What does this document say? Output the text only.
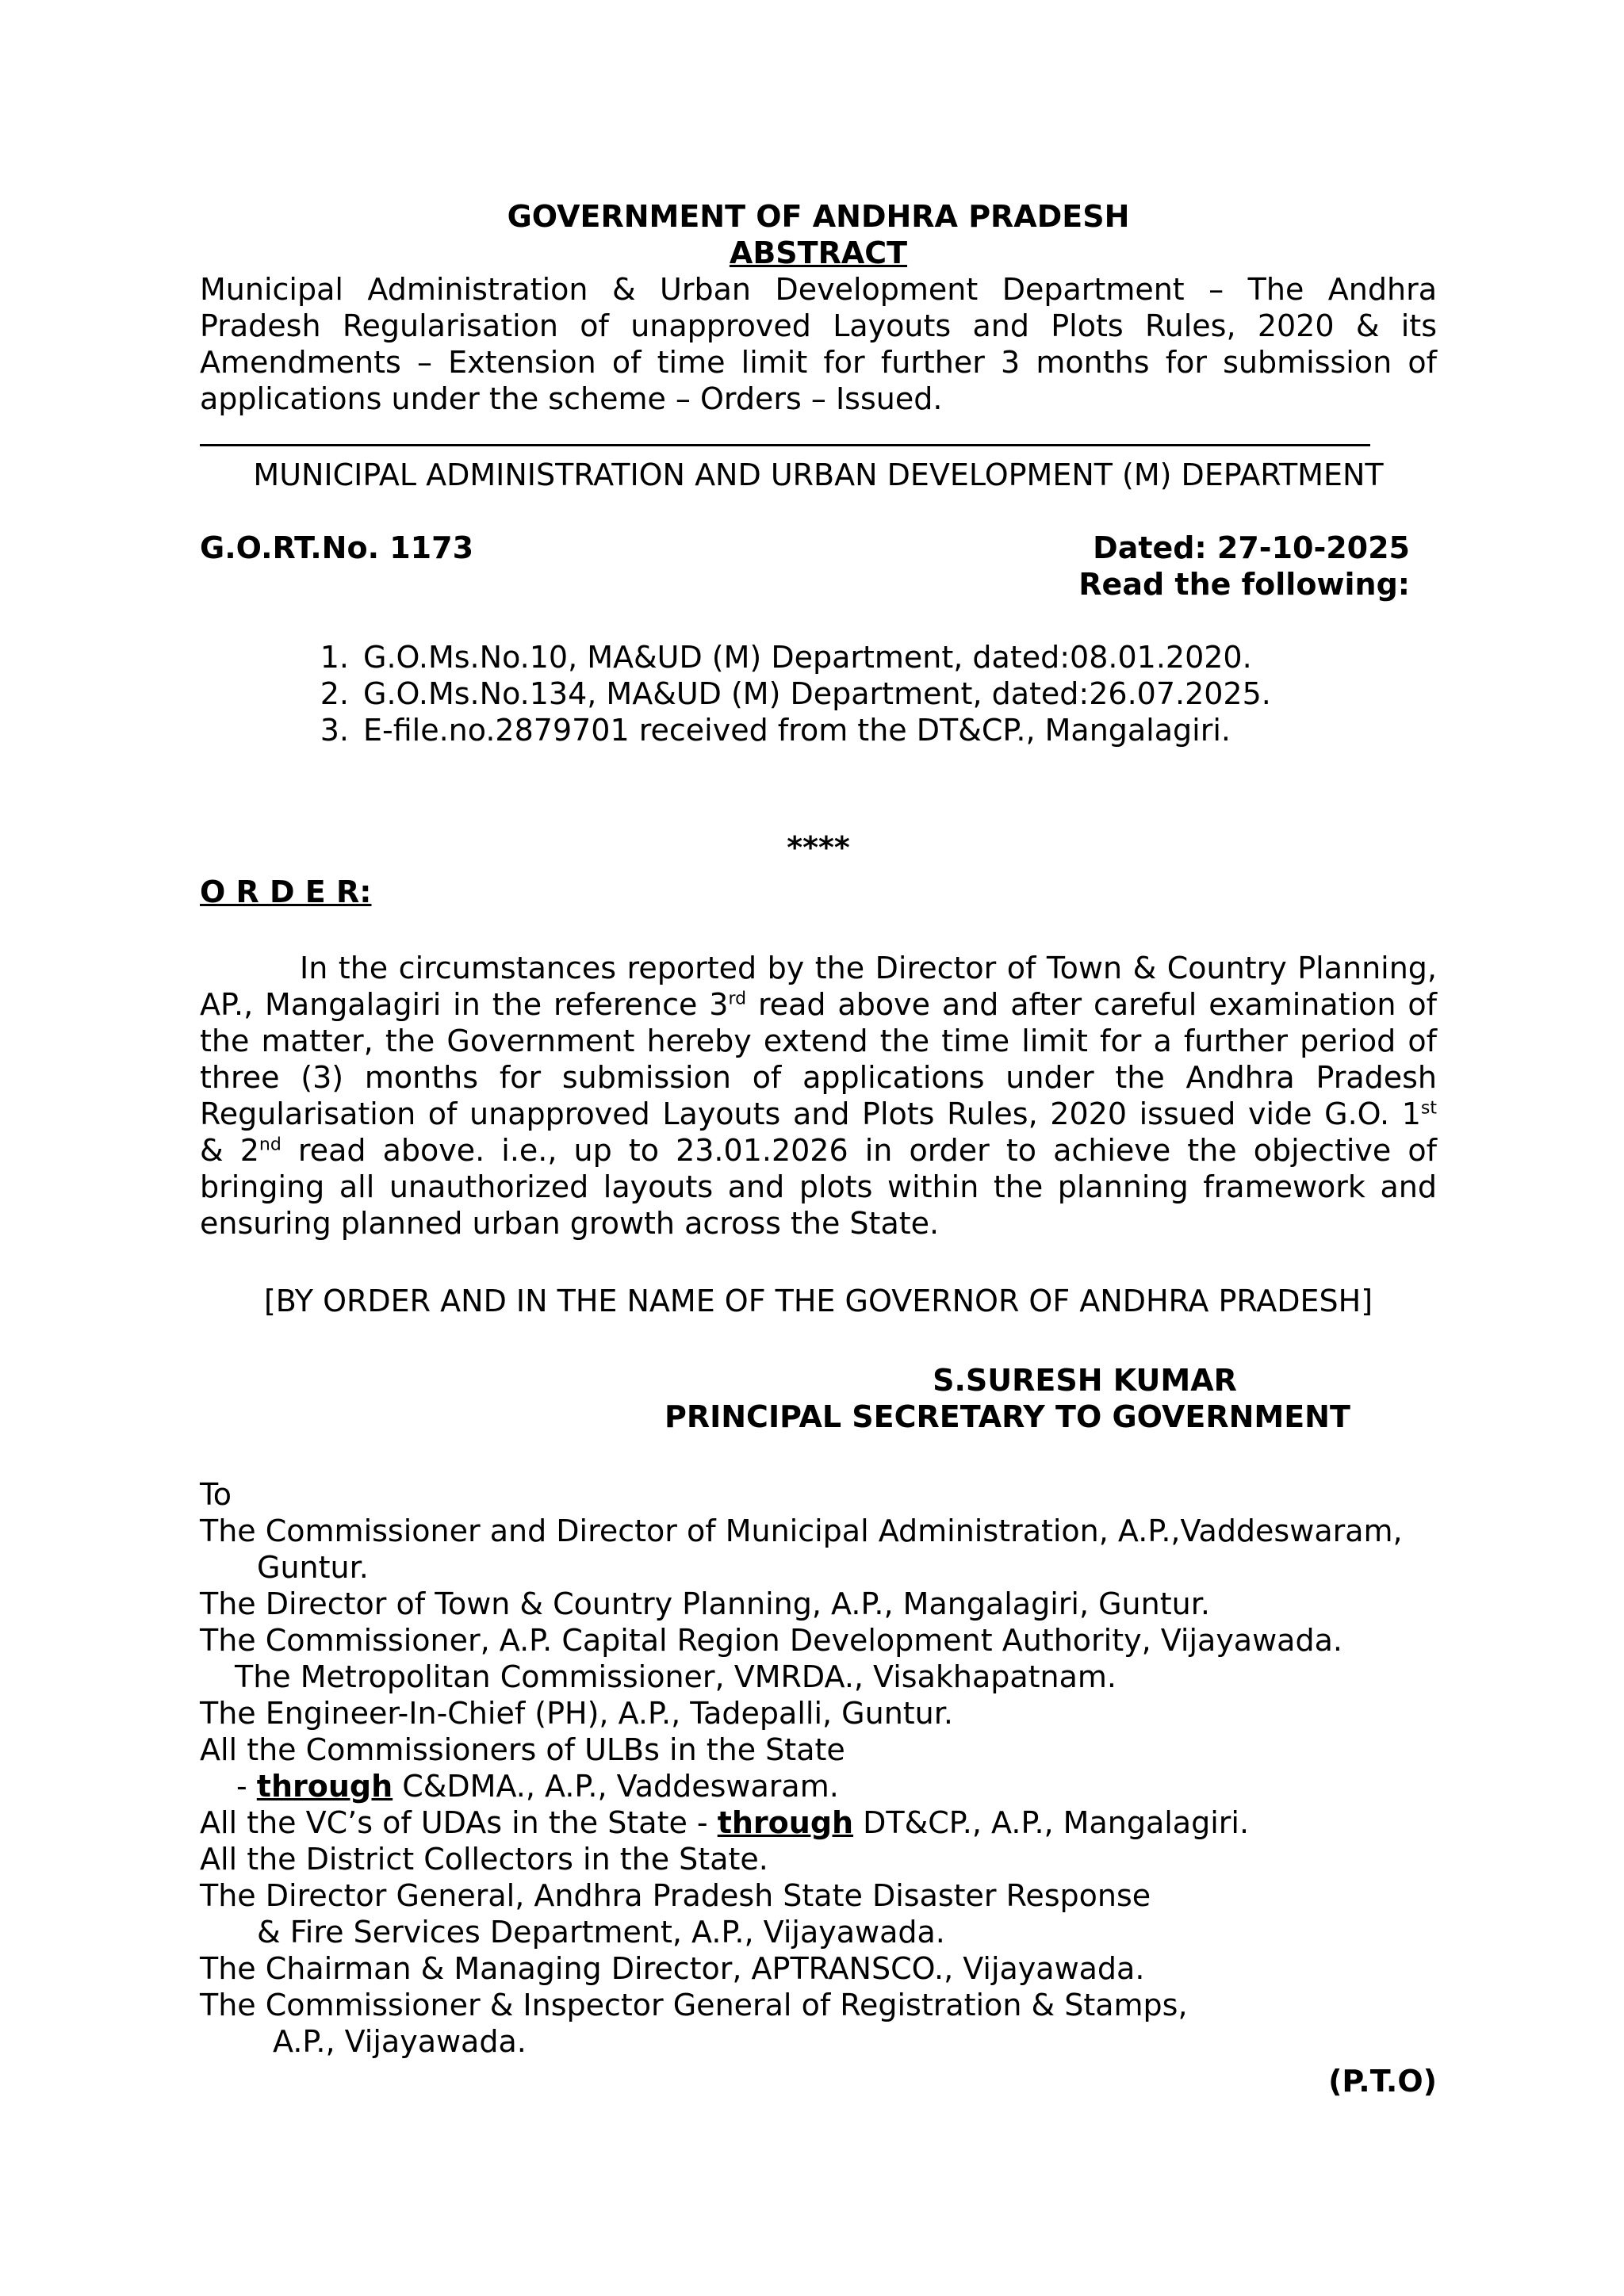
GOVERNMENT OF ANDHRA PRADESH
ABSTRACT
Municipal Administration & Urban Development Department – The Andhra Pradesh Regularisation of unapproved Layouts and Plots Rules, 2020 & its Amendments – Extension of time limit for further 3 months for submission of applications under the scheme – Orders – Issued.
MUNICIPAL ADMINISTRATION AND URBAN DEVELOPMENT (M) DEPARTMENT
G.O.RT.No. 1173	Dated: 27-10-2025
Read the following:
1. G.O.Ms.No.10, MA&UD (M) Department, dated:08.01.2020.
2. G.O.Ms.No.134, MA&UD (M) Department, dated:26.07.2025.
3. E-file.no.2879701 received from the DT&CP., Mangalagiri.
****
O R D E R:
In the circumstances reported by the Director of Town & Country Planning, AP., Mangalagiri in the reference 3rd read above and after careful examination of the matter, the Government hereby extend the time limit for a further period of three (3) months for submission of applications under the Andhra Pradesh Regularisation of unapproved Layouts and Plots Rules, 2020 issued vide G.O. 1st & 2nd read above. i.e., up to 23.01.2026 in order to achieve the objective of bringing all unauthorized layouts and plots within the planning framework and ensuring planned urban growth across the State.
[BY ORDER AND IN THE NAME OF THE GOVERNOR OF ANDHRA PRADESH]
S.SURESH KUMAR
PRINCIPAL SECRETARY TO GOVERNMENT
To
The Commissioner and Director of Municipal Administration, A.P.,Vaddeswaram,
Guntur.
The Director of Town & Country Planning, A.P., Mangalagiri, Guntur.
The Commissioner, A.P. Capital Region Development Authority, Vijayawada.
The Metropolitan Commissioner, VMRDA., Visakhapatnam.
The Engineer-In-Chief (PH), A.P., Tadepalli, Guntur.
All the Commissioners of ULBs in the State
- through C&DMA., A.P., Vaddeswaram.
All the VC’s of UDAs in the State - through DT&CP., A.P., Mangalagiri.
All the District Collectors in the State.
The Director General, Andhra Pradesh State Disaster Response
& Fire Services Department, A.P., Vijayawada.
The Chairman & Managing Director, APTRANSCO., Vijayawada.
The Commissioner & Inspector General of Registration & Stamps,
A.P., Vijayawada.
(P.T.O)
